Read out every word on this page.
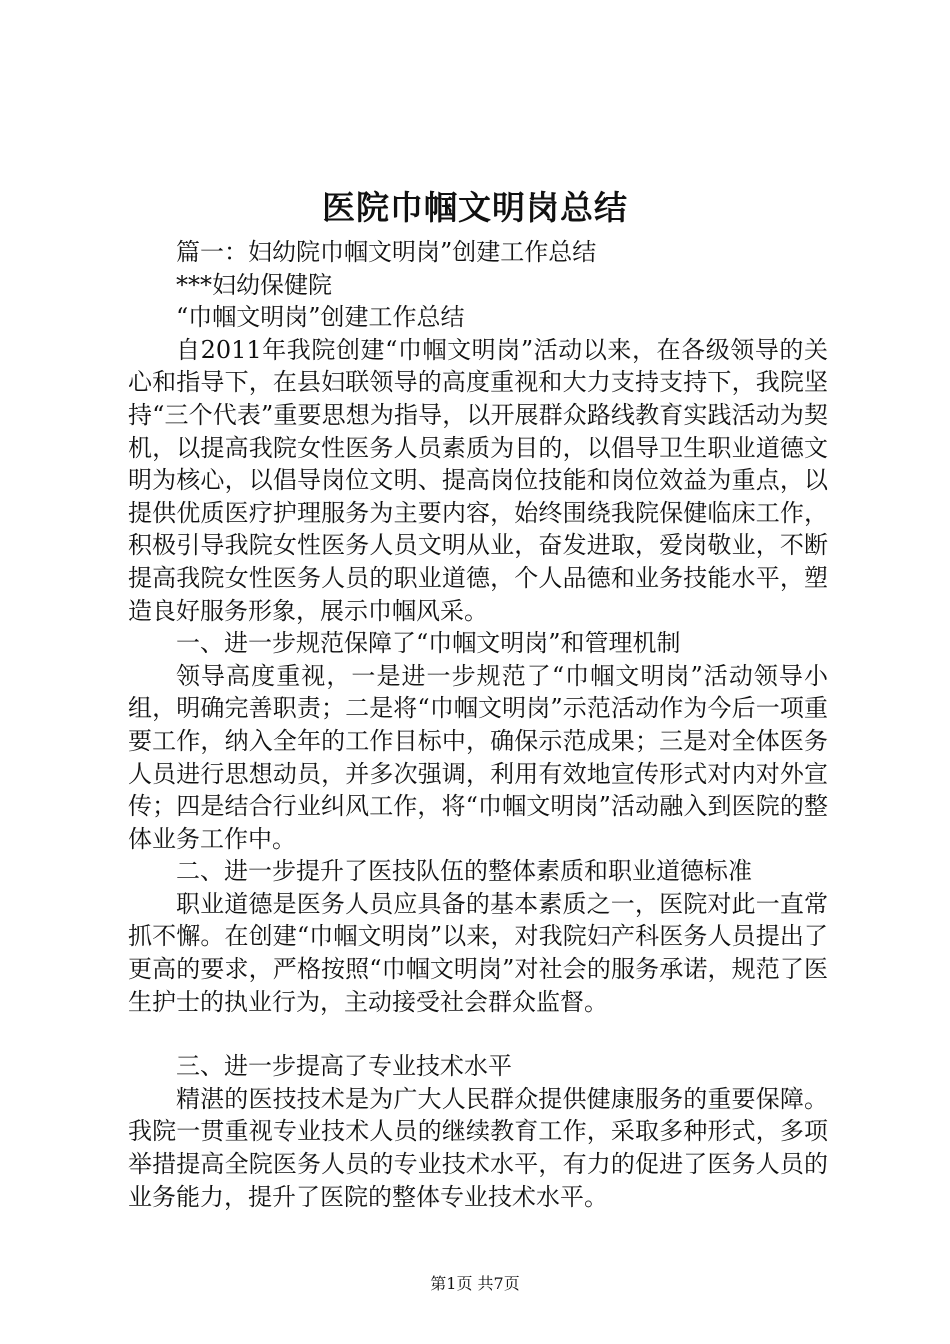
医院巾帼文明岗总结

篇一：妇幼院巾帼文明岗”创建工作总结

***妇幼保健院

“巾帼文明岗”创建工作总结

自2011年我院创建“巾帼文明岗”活动以来，在各级领导的关心和指导下，在县妇联领导的高度重视和大力支持支持下，我院坚持“三个代表”重要思想为指导，以开展群众路线教育实践活动为契机，以提高我院女性医务人员素质为目的，以倡导卫生职业道德文明为核心，以倡导岗位文明、提高岗位技能和岗位效益为重点，以提供优质医疗护理服务为主要内容，始终围绕我院保健临床工作，积极引导我院女性医务人员文明从业，奋发进取，爱岗敬业，不断提高我院女性医务人员的职业道德，个人品德和业务技能水平，塑造良好服务形象，展示巾帼风采。

一、进一步规范保障了“巾帼文明岗”和管理机制

领导高度重视，一是进一步规范了“巾帼文明岗”活动领导小组，明确完善职责；二是将“巾帼文明岗”示范活动作为今后一项重要工作，纳入全年的工作目标中，确保示范成果；三是对全体医务人员进行思想动员，并多次强调，利用有效地宣传形式对内对外宣传；四是结合行业纠风工作，将“巾帼文明岗”活动融入到医院的整体业务工作中。

二、进一步提升了医技队伍的整体素质和职业道德标准

职业道德是医务人员应具备的基本素质之一，医院对此一直常抓不懈。在创建“巾帼文明岗”以来，对我院妇产科医务人员提出了更高的要求，严格按照“巾帼文明岗”对社会的服务承诺，规范了医生护士的执业行为，主动接受社会群众监督。

三、进一步提高了专业技术水平

精湛的医技技术是为广大人民群众提供健康服务的重要保障。我院一贯重视专业技术人员的继续教育工作，采取多种形式，多项举措提高全院医务人员的专业技术水平，有力的促进了医务人员的业务能力，提升了医院的整体专业技术水平。

第1页 共7页
